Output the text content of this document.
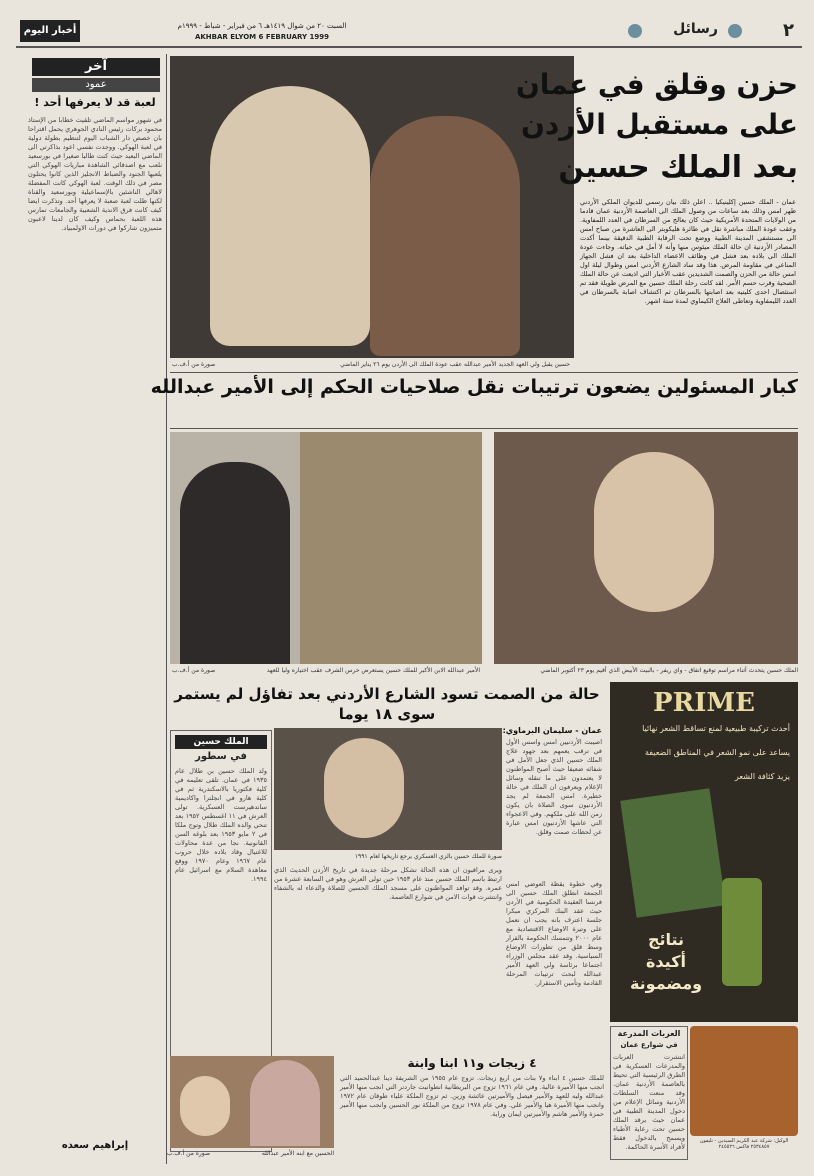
٢
رسائل
السبت ٢٠ من شوال ١٤١٩هـ ٦ من فبراير - شباط - ١٩٩٩م
AKHBAR ELYOM 6 FEBRUARY 1999
أخبار اليوم
آخر
عمود
لعبة قد لا يعرفها أحد !
في شهور مواسم الماضي تلقيت خطابا من الإستاذ محمود بركات رئيس النادي الجوهري يحمل اقتراحا بان خصص دار الشباب اليوم لتنظيم بطولة دولية في لعبة الهوكي. ووجدت نفسي اعود بذاكرتي الى الماضي البعيد حيث كنت طالبا صغيرا في بورسعيد نلعب مع اصدقائي الشاهدة مباريات الهوكي التي يلعبها الجنود والضباط الانجليز الذين كانوا يحتلون مصر في ذلك الوقت. لعبة الهوكي كانت المفضلة لاهالي الناشئين بالإسماعيلية وبورسعيد والقناة لكنها ظلت لعبة صعبة لا يعرفها أحد. وتذكرت ايضا كيف كانت فرق الاندية الشعبية والجامعات تمارس هذه اللعبة بحماس وكيف كان لدينا لاعبون متميزون شاركوا في دورات الاولمبياد.
إبراهيم سعده
حسين يقبل ولي العهد الجديد الأمير عبدالله عقب عودة الملك الى الأردن يوم ٢٦ يناير الماضي
صورة من أ.ف.ب
حزن وقلق في عمان
على مستقبل الأردن
بعد الملك حسين
عمان - الملك حسين إكلينيكيا .. اعلن ذلك بيان رسمي للديوان الملكي الأردني ظهر امس وذلك بعد ساعات من وصول الملك الى العاصمة الأردنية عمان قادما من الولايات المتحدة الأمريكية حيث كان يعالج من السرطان في العدد اللمفاوية. وعقب عودة الملك مباشرة نقل في طائرة هليكوبتر الى العاشرة من صباح امس الى مستشفى المدينة الطبية ووضع تحت الرقابة الطبية الدقيقة بينما أكدت المصادر الأردنية ان حالة الملك ميئوس منها وأنه لا أمل في حياته. وجاءت عودة الملك الى بلاده بعد فشل في وظائف الاعضاء الداخلية بعد ان فشل الجهاز المناعي في مقاومة المرض. هذا وقد ساد الشارع الأردني امس وطوال ليلة اول امس حالة من الحزن والصمت الشديدين عقب الأخبار التي اذيعت عن حالة الملك الصحية وقرب حسم الأمر. لقد كانت رحلة الملك حسين مع المرض طويلة فقد تم استئصال احدى كليتيه بعد اصابتها بالسرطان ثم اكتشاف اصابة بالسرطان في الغدد الليمفاوية وتعاطى العلاج الكيماوي لمدة ستة اشهر.
كبار المسئولين يضعون ترتيبات نقل صلاحيات الحكم إلى الأمير عبدالله
الملك حسين يتحدث أثناء مراسم توقيع اتفاق - واي ريفر - بالبيت الأبيض الذي أقيم يوم ٢٣ أكتوبر الماضي
الأمير عبدالله الابن الأكبر للملك حسين يستعرض حرس الشرف عقب اختياره وليا للعهد
صورة من أ.ف.ب
حالة من الصمت تسود الشارع الأردني بعد تفاؤل لم يستمر سوى ١٨ يوما
الملك حسين
في سطور
ولد الملك حسين بن طلال عام ١٩٣٥ في عمان. تلقى تعليمه في كلية فكتوريا بالاسكندرية ثم في كلية هارو في انجلترا واكاديمية ساندهيرست العسكرية. تولى العرش في ١١ اغسطس ١٩٥٢ بعد تنحي والده الملك طلال وتوج ملكا في ٢ مايو ١٩٥٣ بعد بلوغه السن القانونية. نجا من عدة محاولات للاغتيال وقاد بلاده خلال حروب عام ١٩٦٧ وعام ١٩٧٠ ووقع معاهدة السلام مع اسرائيل عام ١٩٩٤.
صورة للملك حسين بالزي العسكري يرجع تاريخها لعام ١٩٩١
عمان - سليمان البرماوي:
اصيبت الأردنيين امس واسس الأول في ترقب يعمهم بعد جهود علاج الملك حسين الذي جعل الأمل في شفائه ضعيفا حيث أصبح المواطنون لا يعتمدون على ما تنقله وسائل الإعلام ويعرفون ان الملك في حالة خطيرة. امس الجمعة لم يجد الأردنيون سوى الصلاة بان يكون زمن الله على ملكهم. وفي الاعجواء التي عاشها الأردنيون امس عبارة عن لحظات صمت وقلق.
وفي خطوة يقظة العوضي امس الجمعة انطلق الملك حسين الى فرنسا العقيدة الحكومية في الأردن حيث عقد البنك المركزي مبكرا جلسة اعترف بانه يجب ان نعمل على وتيرة الاوضاع الاقتصادية مع عام ٢٠٠٠ وتتمسك الحكومة بالقرار وسط قلق من تطورات الاوضاع السياسية. وقد عقد مجلس الوزراء اجتماعا برئاسة ولي العهد الأمير عبدالله لبحث ترتيبات المرحلة القادمة وتأمين الاستقرار.
ويرى مراقبون ان هذه الحالة تشكل مرحلة جديدة في تاريخ الأردن الحديث الذي ارتبط باسم الملك حسين منذ عام ١٩٥٣ حين تولى العرش وهو في السابعة عشرة من عمره. وقد توافد المواطنون على مسجد الملك الحسين للصلاة والدعاء له بالشفاء وانتشرت قوات الامن في شوارع العاصمة.
٤ زيجات و١١ ابنا وابنة
للملك حسين ٤ ابناء و٧ بنات من اربع زيجات. تزوج عام ١٩٥٥ من الشريفة دينا عبدالحميد التي انجب منها الأميرة عالية. وفي عام ١٩٦١ تزوج من البريطانية انطوانيت جاردنر التي انجب منها الأمير عبدالله وليه للعهد والأمير فيصل والأميرتين عائشة وزين. ثم تزوج الملكة علياء طوقان عام ١٩٧٢ وانجب منها الأميرة هيا والأمير علي. وفي عام ١٩٧٨ تزوج من الملكة نور الحسين وانجب منها الأمير حمزة والأمير هاشم والأميرتين ايمان وراية.
الحسين مع ابنه الأمير عبدالله
صورة من أ.ف.ب
PRIME
أحدث تركيبة طبيعية لمنع تساقط الشعر نهائيا
يساعد على نمو الشعر في المناطق الضعيفة
يزيد كثافة الشعر
نتائج
أكيدة
ومضمونة
العربات المدرعة
في شوارع عمان
انتشرت العربات والمدرعات العسكرية في الطرق الرئيسية التي تحيط بالعاصمة الأردنية عمان. وقد منعت السلطات الأردنية وسائل الإعلام من دخول المدينة الطبية في عمان حيث يرقد الملك حسين تحت رعاية الأطباء ويسمح بالدخول فقط لأفراد الأسرة الحاكمة.
الوكيل: شركة عبد الكريم السيدين - تليفون ٢٥٣٤٨٥٧ فاكس ٢٤٥٥٢٦
